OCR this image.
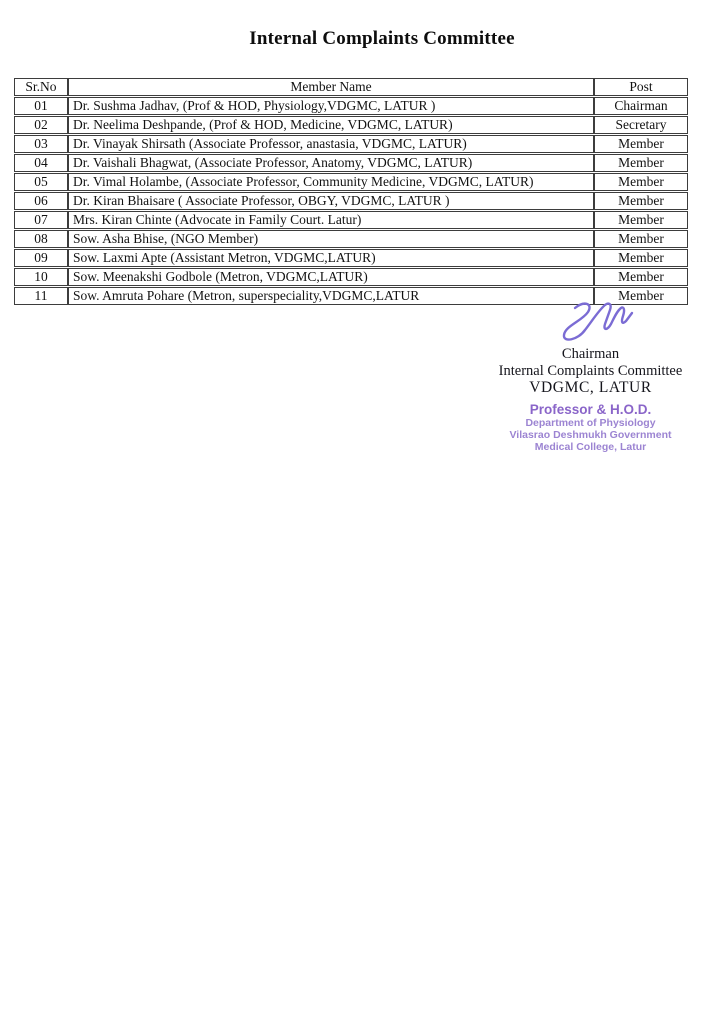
Internal Complaints Committee
Sr.No	Member Name	Post
01	Dr. Sushma Jadhav, (Prof & HOD, Physiology,VDGMC, LATUR )	Chairman
02	Dr. Neelima Deshpande, (Prof & HOD, Medicine, VDGMC, LATUR)	Secretary
03	Dr. Vinayak Shirsath (Associate Professor, anastasia, VDGMC, LATUR)	Member
04	Dr. Vaishali Bhagwat, (Associate Professor, Anatomy, VDGMC, LATUR)	Member
05	Dr. Vimal Holambe, (Associate Professor, Community Medicine, VDGMC, LATUR)	Member
06	Dr. Kiran Bhaisare ( Associate Professor, OBGY, VDGMC, LATUR )	Member
07	Mrs. Kiran Chinte (Advocate in Family Court. Latur)	Member
08	Sow. Asha Bhise, (NGO Member)	Member
09	Sow. Laxmi Apte (Assistant Metron, VDGMC,LATUR)	Member
10	Sow. Meenakshi Godbole (Metron, VDGMC,LATUR)	Member
11	Sow. Amruta Pohare (Metron, superspeciality,VDGMC,LATUR	Member
Chairman
Internal Complaints Committee
VDGMC, LATUR
Professor & H.O.D.
Department of Physiology
Vilasrao Deshmukh Government
Medical College, Latur
